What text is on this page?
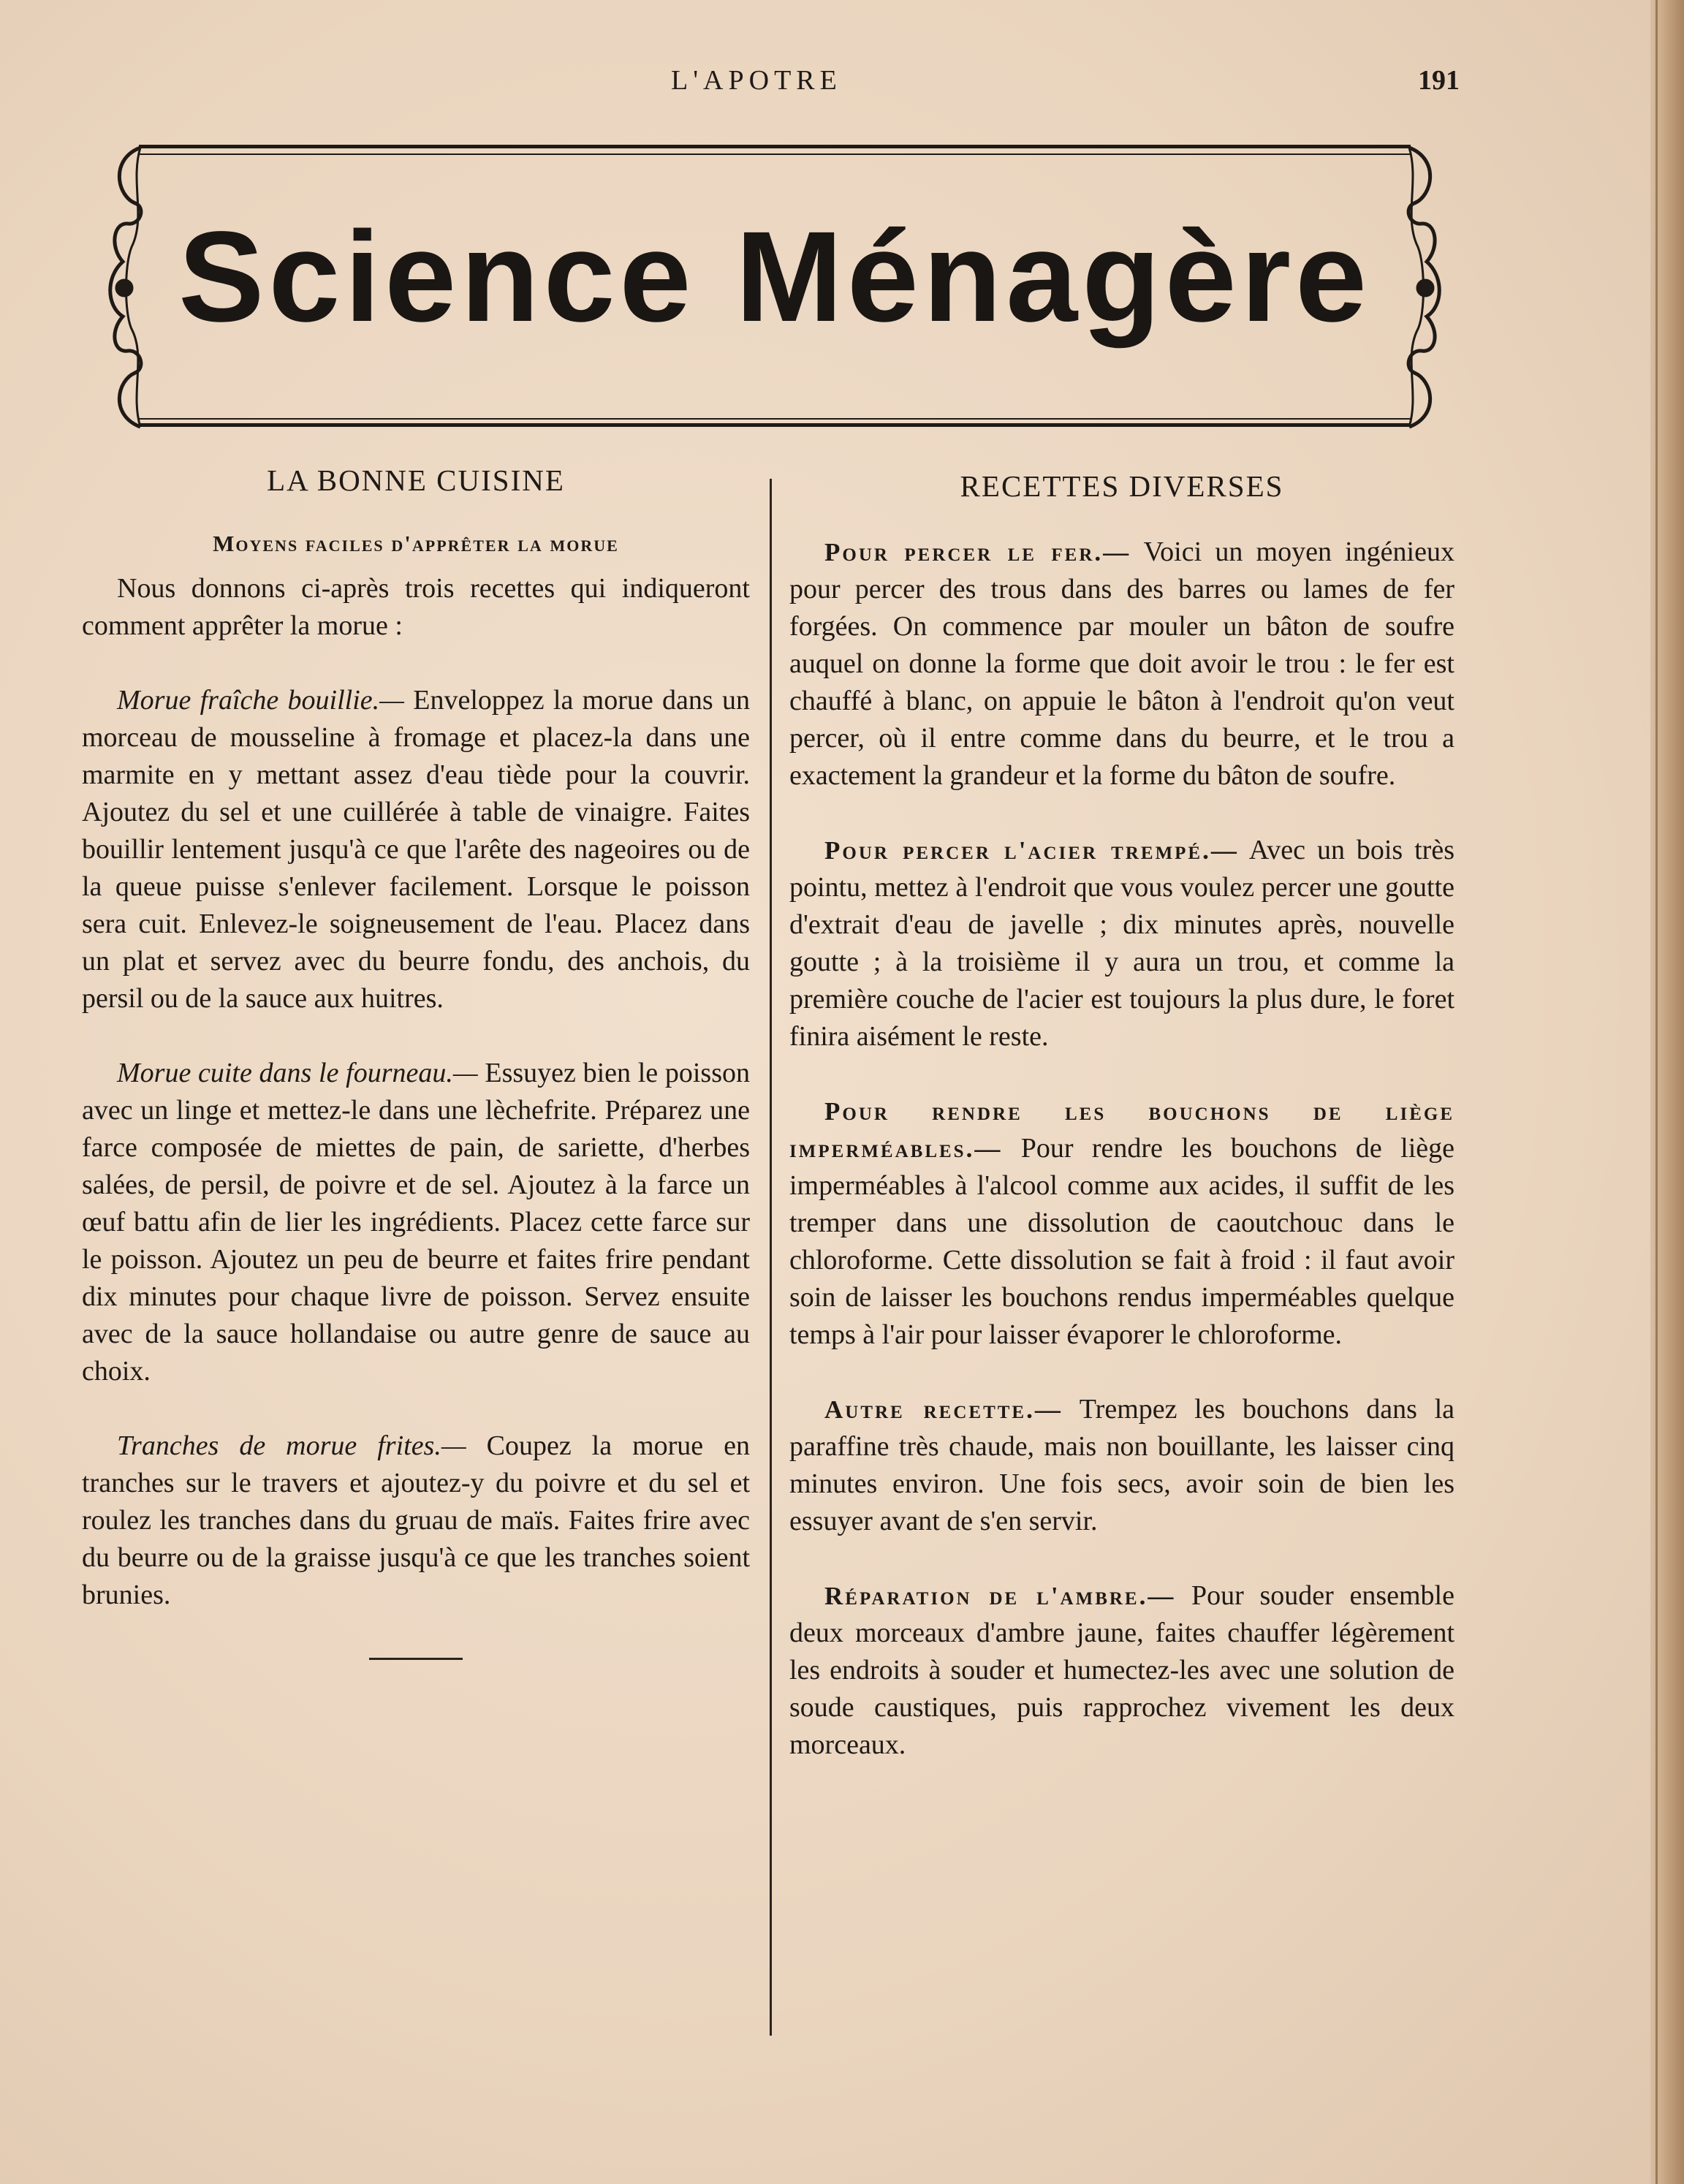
L'APOTRE	191
Science Ménagère
LA BONNE CUISINE
Moyens faciles d'apprêter la morue

Nous donnons ci-après trois recettes qui indiqueront comment apprêter la morue :

Morue fraîche bouillie.— Enveloppez la morue dans un morceau de mousseline à fromage et placez-la dans une marmite en y mettant assez d'eau tiède pour la couvrir. Ajoutez du sel et une cuillérée à table de vinaigre. Faites bouillir lentement jusqu'à ce que l'arête des nageoires ou de la queue puisse s'enlever facilement. Lorsque le poisson sera cuit. Enlevez-le soigneusement de l'eau. Placez dans un plat et servez avec du beurre fondu, des anchois, du persil ou de la sauce aux huitres.

Morue cuite dans le fourneau.— Essuyez bien le poisson avec un linge et mettez-le dans une lèchefrite. Préparez une farce composée de miettes de pain, de sariette, d'herbes salées, de persil, de poivre et de sel. Ajoutez à la farce un œuf battu afin de lier les ingrédients. Placez cette farce sur le poisson. Ajoutez un peu de beurre et faites frire pendant dix minutes pour chaque livre de poisson. Servez ensuite avec de la sauce hollandaise ou autre genre de sauce au choix.

Tranches de morue frites.— Coupez la morue en tranches sur le travers et ajoutez-y du poivre et du sel et roulez les tranches dans du gruau de maïs. Faites frire avec du beurre ou de la graisse jusqu'à ce que les tranches soient brunies.

RECETTES DIVERSES

Pour percer le fer.— Voici un moyen ingénieux pour percer des trous dans des barres ou lames de fer forgées. On commence par mouler un bâton de soufre auquel on donne la forme que doit avoir le trou : le fer est chauffé à blanc, on appuie le bâton à l'endroit qu'on veut percer, où il entre comme dans du beurre, et le trou a exactement la grandeur et la forme du bâton de soufre.

Pour percer l'acier trempé.— Avec un bois très pointu, mettez à l'endroit que vous voulez percer une goutte d'extrait d'eau de javelle ; dix minutes après, nouvelle goutte ; à la troisième il y aura un trou, et comme la première couche de l'acier est toujours la plus dure, le foret finira aisément le reste.

Pour rendre les bouchons de liège imperméables.— Pour rendre les bouchons de liège imperméables à l'alcool comme aux acides, il suffit de les tremper dans une dissolution de caoutchouc dans le chloroforme. Cette dissolution se fait à froid : il faut avoir soin de laisser les bouchons rendus imperméables quelque temps à l'air pour laisser évaporer le chloroforme.

Autre recette.— Trempez les bouchons dans la paraffine très chaude, mais non bouillante, les laisser cinq minutes environ. Une fois secs, avoir soin de bien les essuyer avant de s'en servir.

Réparation de l'ambre.— Pour souder ensemble deux morceaux d'ambre jaune, faites chauffer légèrement les endroits à souder et humectez-les avec une solution de soude caustiques, puis rapprochez vivement les deux morceaux.
